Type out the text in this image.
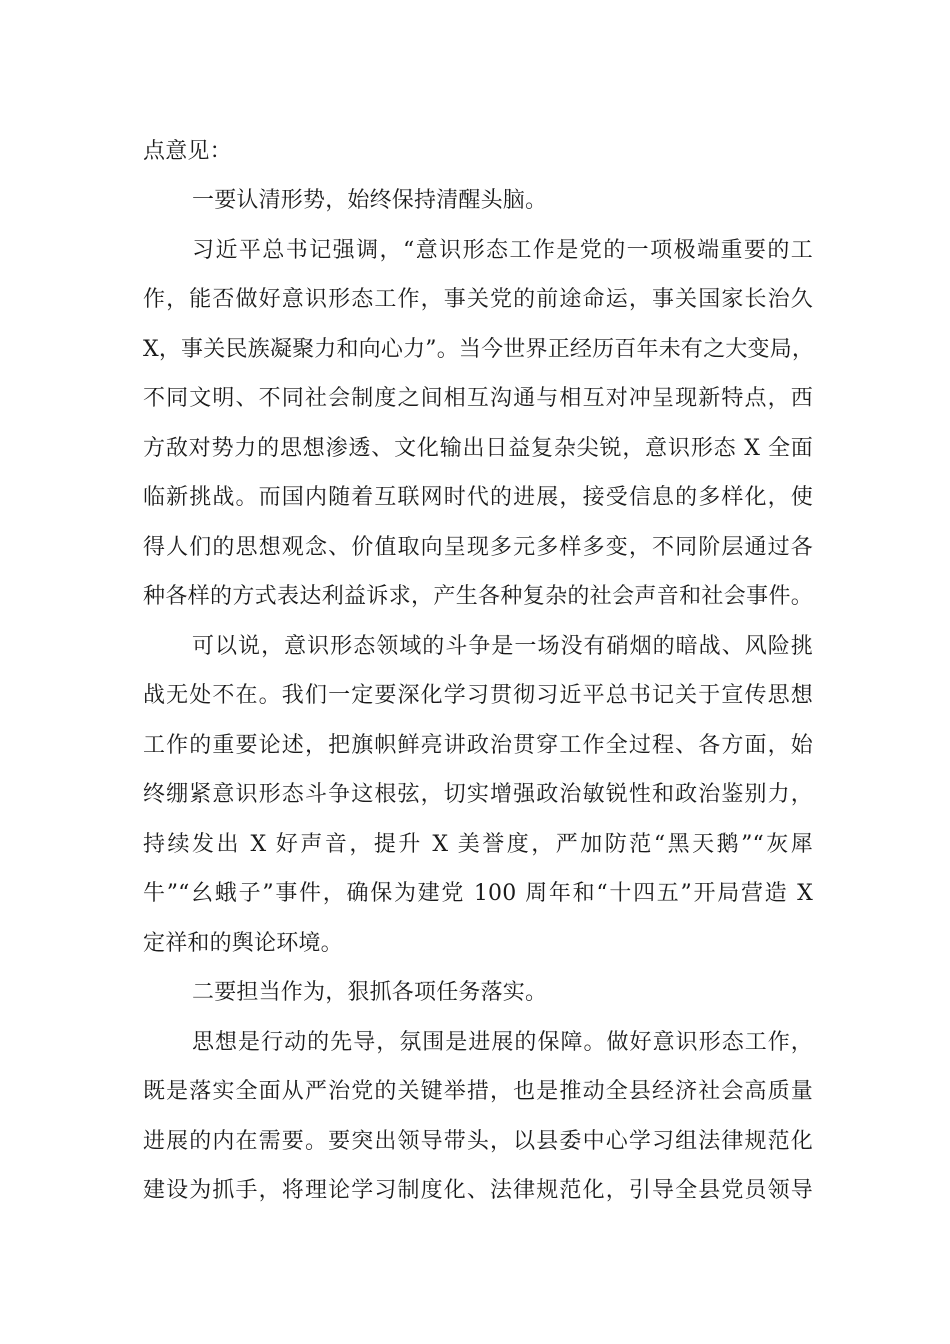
点意见：
一要认清形势，始终保持清醒头脑。
习近平总书记强调，“意识形态工作是党的一项极端重要的工
作，能否做好意识形态工作，事关党的前途命运，事关国家长治久
X，事关民族凝聚力和向心力”。当今世界正经历百年未有之大变局，
不同文明、不同社会制度之间相互沟通与相互对冲呈现新特点，西
方敌对势力的思想渗透、文化输出日益复杂尖锐，意识形态 X 全面
临新挑战。而国内随着互联网时代的进展，接受信息的多样化，使
得人们的思想观念、价值取向呈现多元多样多变，不同阶层通过各
种各样的方式表达利益诉求，产生各种复杂的社会声音和社会事件。
可以说，意识形态领域的斗争是一场没有硝烟的暗战、风险挑
战无处不在。我们一定要深化学习贯彻习近平总书记关于宣传思想
工作的重要论述，把旗帜鲜亮讲政治贯穿工作全过程、各方面，始
终绷紧意识形态斗争这根弦，切实增强政治敏锐性和政治鉴别力，
持续发出 X 好声音，提升 X 美誉度，严加防范“黑天鹅”“灰犀
牛”“幺蛾子”事件，确保为建党 100 周年和“十四五”开局营造 X
定祥和的舆论环境。
二要担当作为，狠抓各项任务落实。
思想是行动的先导，氛围是进展的保障。做好意识形态工作，
既是落实全面从严治党的关键举措，也是推动全县经济社会高质量
进展的内在需要。要突出领导带头，以县委中心学习组法律规范化
建设为抓手，将理论学习制度化、法律规范化，引导全县党员领导
